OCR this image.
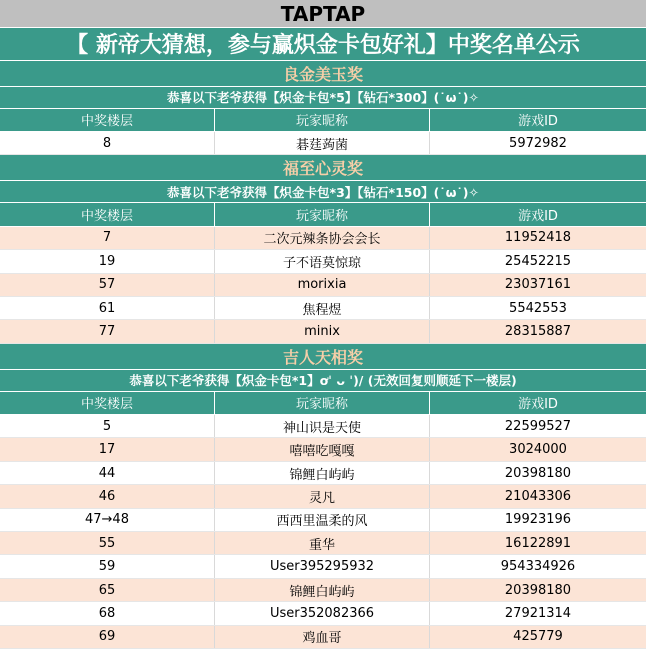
TAPTAP
【 新帝大猜想，参与赢炽金卡包好礼】中奖名单公示
良金美玉奖
恭喜以下老爷获得【炽金卡包*5】【钻石*300】(˙ω˙)✧
中奖楼层	玩家昵称	游戏ID
8	碁莛蒟菌	5972982
福至心灵奖
恭喜以下老爷获得【炽金卡包*3】【钻石*150】(˙ω˙)✧
中奖楼层	玩家昵称	游戏ID
7	二次元辣条协会会长	11952418
19	子不语莫惊琼	25452215
57	morixia	23037161
61	焦程煜	5542553
77	minix	28315887
吉人天相奖
恭喜以下老爷获得【炽金卡包*1】ơˈ ᴗ ˈ)/ (无效回复则顺延下一楼层)
中奖楼层	玩家昵称	游戏ID
5	神山识是天使	22599527
17	嘻嘻吃嘎嘎	3024000
44	锦鲤白屿屿	20398180
46	灵凡	21043306
47→48	西西里温柔的风	19923196
55	重华	16122891
59	User395295932	954334926
65	锦鲤白屿屿	20398180
68	User352082366	27921314
69	鸡血哥	425779
